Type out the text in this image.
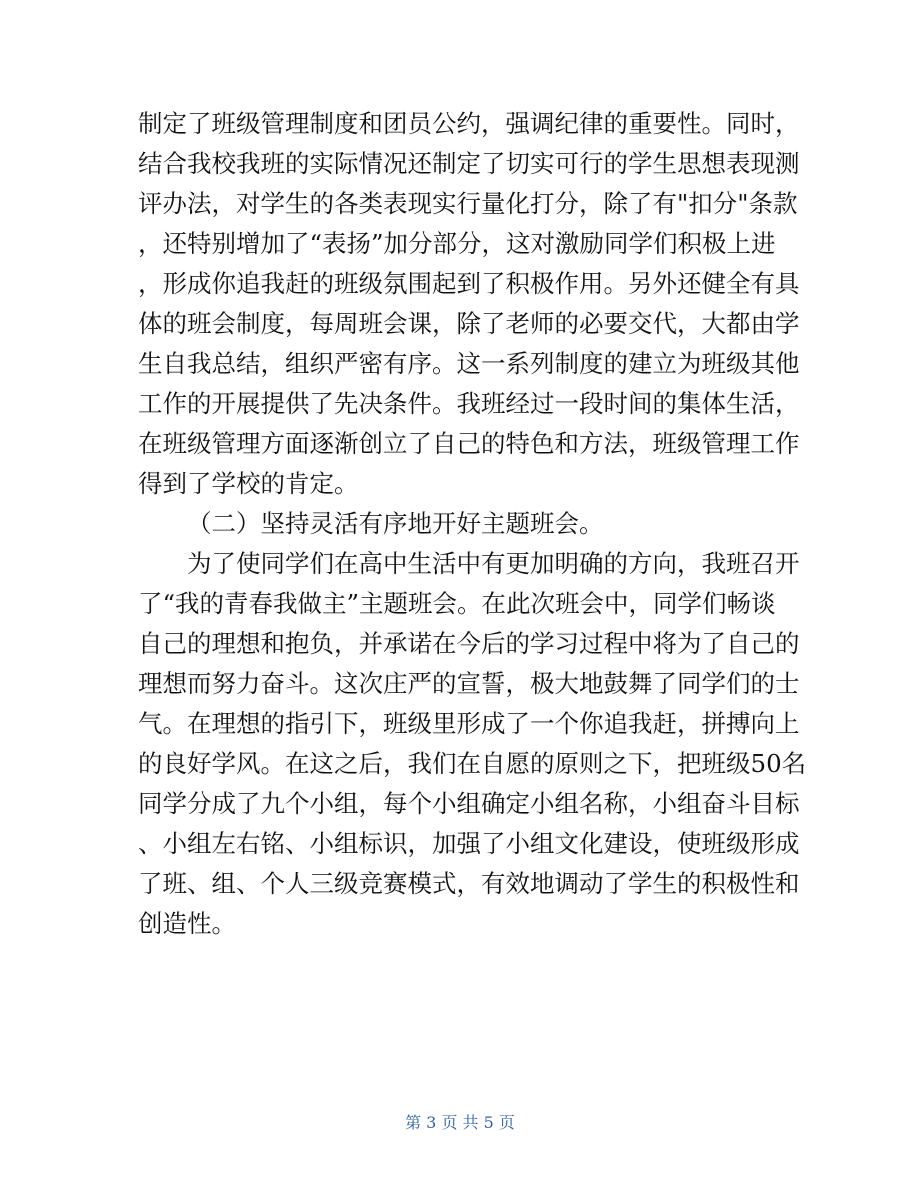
制定了班级管理制度和团员公约，强调纪律的重要性。同时，
结合我校我班的实际情况还制定了切实可行的学生思想表现测
评办法，对学生的各类表现实行量化打分，除了有"扣分"条款
，还特别增加了“表扬”加分部分，这对激励同学们积极上进
，形成你追我赶的班级氛围起到了积极作用。另外还健全有具
体的班会制度，每周班会课，除了老师的必要交代，大都由学
生自我总结，组织严密有序。这一系列制度的建立为班级其他
工作的开展提供了先决条件。我班经过一段时间的集体生活，
在班级管理方面逐渐创立了自己的特色和方法，班级管理工作
得到了学校的肯定。
（二）坚持灵活有序地开好主题班会。
为了使同学们在高中生活中有更加明确的方向，我班召开
了“我的青春我做主”主题班会。在此次班会中，同学们畅谈
自己的理想和抱负，并承诺在今后的学习过程中将为了自己的
理想而努力奋斗。这次庄严的宣誓，极大地鼓舞了同学们的士
气。在理想的指引下，班级里形成了一个你追我赶，拼搏向上
的良好学风。在这之后，我们在自愿的原则之下，把班级50名
同学分成了九个小组，每个小组确定小组名称，小组奋斗目标
、小组左右铭、小组标识，加强了小组文化建设，使班级形成
了班、组、个人三级竞赛模式，有效地调动了学生的积极性和
创造性。
第 3 页 共 5 页
